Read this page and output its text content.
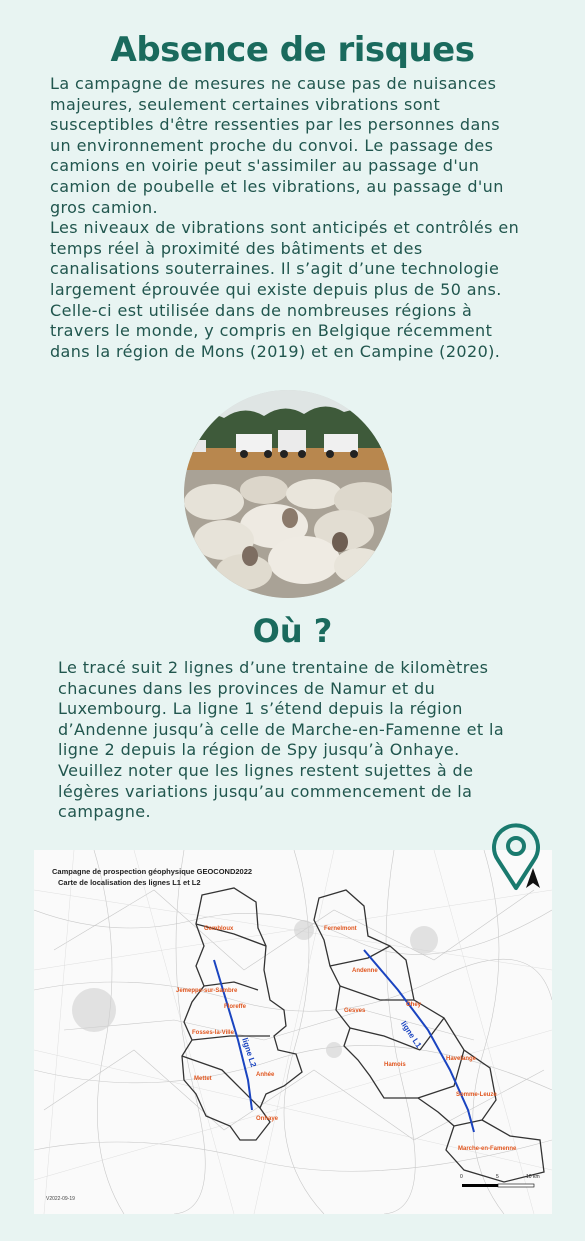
Absence de risques
La campagne de mesures ne cause pas de nuisances
majeures, seulement certaines vibrations sont
susceptibles d'être ressenties par les personnes dans
un environnement proche du convoi. Le passage des
camions en voirie peut s'assimiler au passage d'un
camion de poubelle et les vibrations, au passage d'un
gros camion.
Les niveaux de vibrations sont anticipés et contrôlés en
temps réel à proximité des bâtiments et des
canalisations souterraines. Il s’agit d’une technologie
largement éprouvée qui existe depuis plus de 50 ans.
Celle-ci est utilisée dans de nombreuses régions à
travers le monde, y compris en Belgique récemment
dans la région de Mons (2019) et en Campine (2020).
Où ?
Le tracé suit 2 lignes d’une trentaine de kilomètres
chacunes dans les provinces de Namur et du
Luxembourg. La ligne 1 s’étend depuis la région
d’Andenne jusqu’à celle de Marche-en-Famenne et la
ligne 2 depuis la région de Spy jusqu’à Onhaye.
Veuillez noter que les lignes restent sujettes à de
légères variations jusqu’au commencement de la
campagne.
Campagne de prospection géophysique GEOCOND2022
Carte de localisation des lignes L1 et L2
Gembloux
Jemeppe-sur-Sambre
Floreffe
Fosses-la-Ville
Mettet
Anhée
Onhaye
Fernelmont
Andenne
Ohey
Gesves
Hamois
Havelange
Somme-Leuze
Marche-en-Famenne
ligne L2
ligne L1
V2022-09-19
0	5	10 km
